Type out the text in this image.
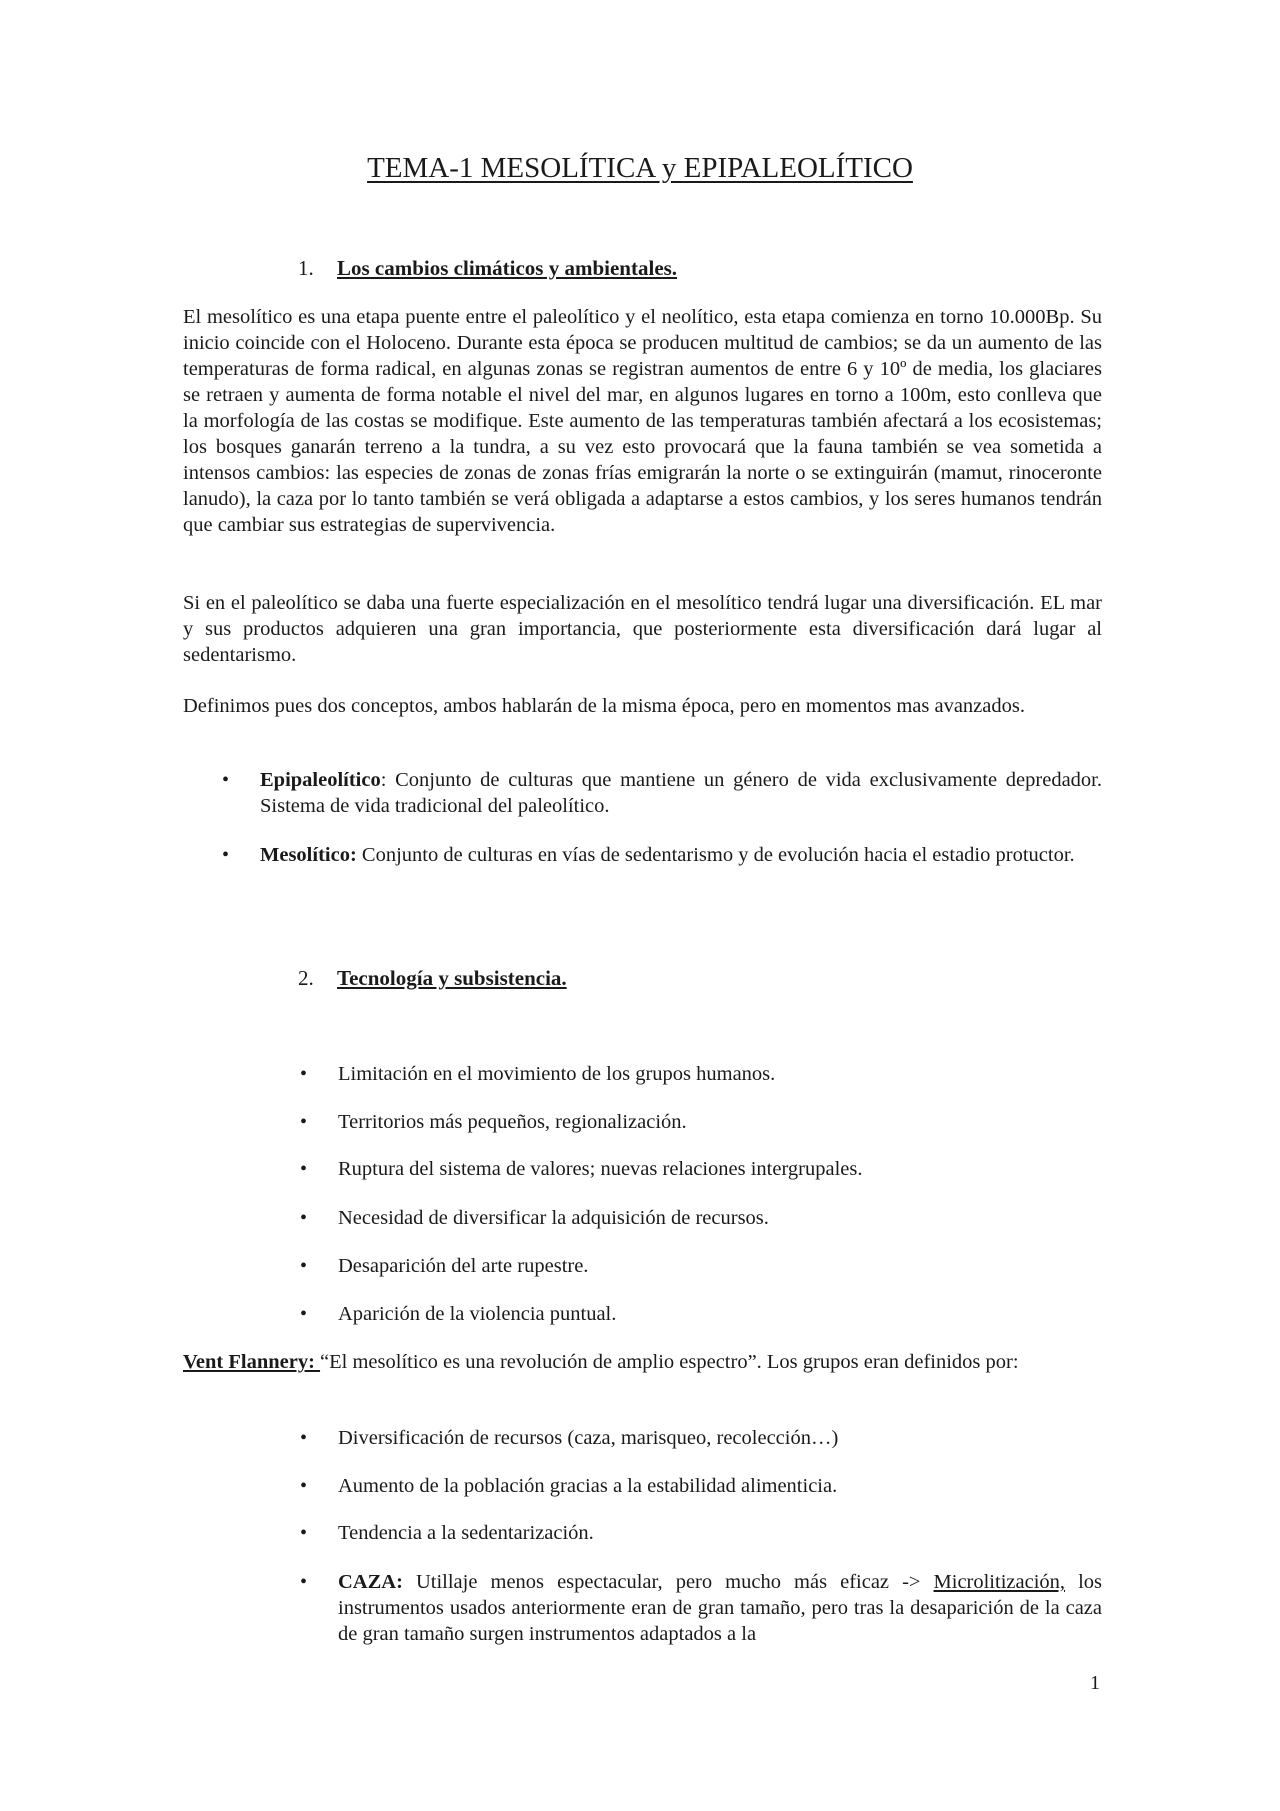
TEMA-1 MESOLÍTICA y EPIPALEOLÍTICO
1. Los cambios climáticos y ambientales.
El mesolítico es una etapa puente entre el paleolítico y el neolítico, esta etapa comienza en torno 10.000Bp. Su inicio coincide con el Holoceno. Durante esta época se producen multitud de cambios; se da un aumento de las temperaturas de forma radical, en algunas zonas se registran aumentos de entre 6 y 10º de media, los glaciares se retraen y aumenta de forma notable el nivel del mar, en algunos lugares en torno a 100m, esto conlleva que la morfología de las costas se modifique. Este aumento de las temperaturas también afectará a los ecosistemas; los bosques ganarán terreno a la tundra, a su vez esto provocará que la fauna también se vea sometida a intensos cambios: las especies de zonas de zonas frías emigrarán la norte o se extinguirán (mamut, rinoceronte lanudo), la caza por lo tanto también se verá obligada a adaptarse a estos cambios, y los seres humanos tendrán que cambiar sus estrategias de supervivencia.
Si en el paleolítico se daba una fuerte especialización en el mesolítico tendrá lugar una diversificación. EL mar y sus productos adquieren una gran importancia, que posteriormente esta diversificación dará lugar al sedentarismo.
Definimos pues dos conceptos, ambos hablarán de la misma época, pero en momentos mas avanzados.
• Epipaleolítico: Conjunto de culturas que mantiene un género de vida exclusivamente depredador. Sistema de vida tradicional del paleolítico.
• Mesolítico: Conjunto de culturas en vías de sedentarismo y de evolución hacia el estadio protuctor.
2. Tecnología y subsistencia.
• Limitación en el movimiento de los grupos humanos.
• Territorios más pequeños, regionalización.
• Ruptura del sistema de valores; nuevas relaciones intergrupales.
• Necesidad de diversificar la adquisición de recursos.
• Desaparición del arte rupestre.
• Aparición de la violencia puntual.
Vent Flannery: “El mesolítico es una revolución de amplio espectro”. Los grupos eran definidos por:
• Diversificación de recursos (caza, marisqueo, recolección…)
• Aumento de la población gracias a la estabilidad alimenticia.
• Tendencia a la sedentarización.
• CAZA: Utillaje menos espectacular, pero mucho más eficaz -> Microlitización, los instrumentos usados anteriormente eran de gran tamaño, pero tras la desaparición de la caza de gran tamaño surgen instrumentos adaptados a la
1
